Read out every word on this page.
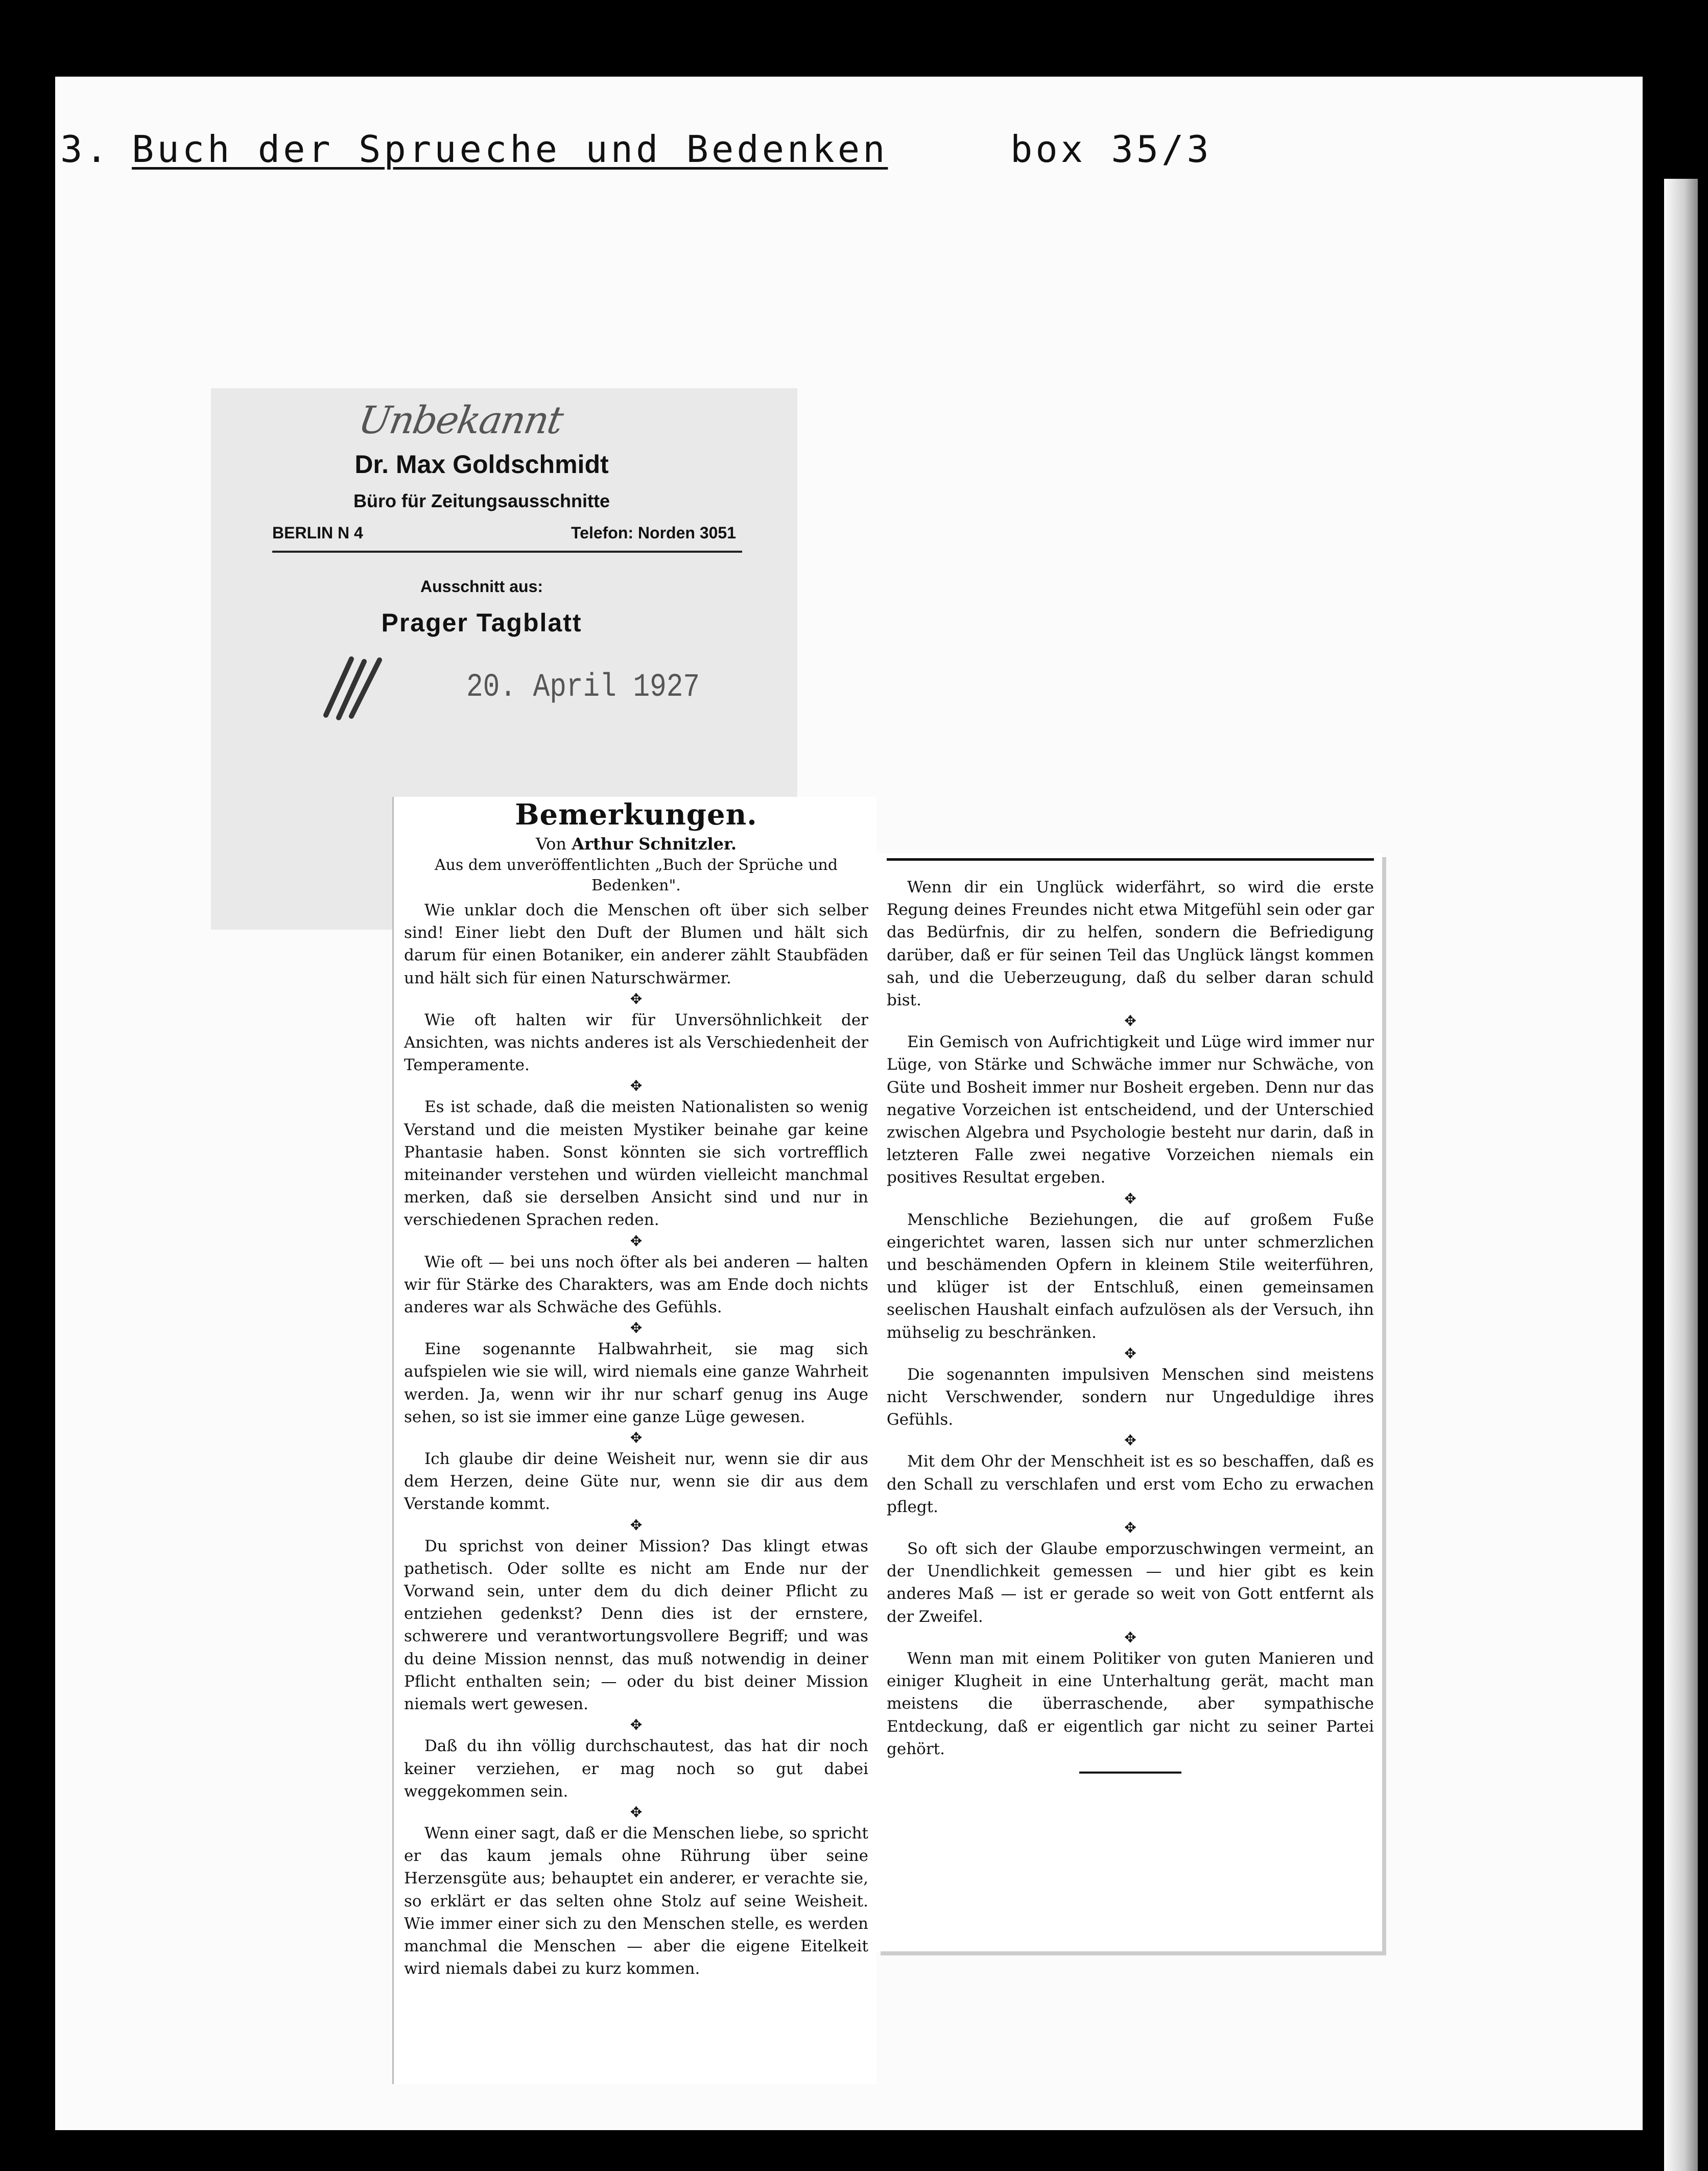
3. Buch der Sprueche und Bedenken	box 35/3
Unbekannt
Dr. Max Goldschmidt
Büro für Zeitungsausschnitte
BERLIN N 4	Telefon: Norden 3051
Ausschnitt aus:
Prager Tagblatt
20. April 1927
Bemerkungen.
Von Arthur Schnitzler.
Aus dem unveröffentlichten „Buch der Sprüche und Bedenken".

Wie unklar doch die Menschen oft über sich selber sind! Einer liebt den Duft der Blumen und hält sich darum für einen Botaniker, ein anderer zählt Staubfäden und hält sich für einen Naturschwärmer.

✥

Wie oft halten wir für Unversöhnlichkeit der Ansichten, was nichts anderes ist als Verschiedenheit der Temperamente.

✥

Es ist schade, daß die meisten Nationalisten so wenig Verstand und die meisten Mystiker beinahe gar keine Phantasie haben. Sonst könnten sie sich vortrefflich miteinander verstehen und würden vielleicht manchmal merken, daß sie derselben Ansicht sind und nur in verschiedenen Sprachen reden.

✥

Wie oft — bei uns noch öfter als bei anderen — halten wir für Stärke des Charakters, was am Ende doch nichts anderes war als Schwäche des Gefühls.

✥

Eine sogenannte Halbwahrheit, sie mag sich aufspielen wie sie will, wird niemals eine ganze Wahrheit werden. Ja, wenn wir ihr nur scharf genug ins Auge sehen, so ist sie immer eine ganze Lüge gewesen.

✥

Ich glaube dir deine Weisheit nur, wenn sie dir aus dem Herzen, deine Güte nur, wenn sie dir aus dem Verstande kommt.

✥

Du sprichst von deiner Mission? Das klingt etwas pathetisch. Oder sollte es nicht am Ende nur der Vorwand sein, unter dem du dich deiner Pflicht zu entziehen gedenkst? Denn dies ist der ernstere, schwerere und verantwortungsvollere Begriff; und was du deine Mission nennst, das muß notwendig in deiner Pflicht enthalten sein; — oder du bist deiner Mission niemals wert gewesen.

✥

Daß du ihn völlig durchschautest, das hat dir noch keiner verziehen, er mag noch so gut dabei weggekommen sein.

✥

Wenn einer sagt, daß er die Menschen liebe, so spricht er das kaum jemals ohne Rührung über seine Herzensgüte aus; behauptet ein anderer, er verachte sie, so erklärt er das selten ohne Stolz auf seine Weisheit. Wie immer einer sich zu den Menschen stelle, es werden manchmal die Menschen — aber die eigene Eitelkeit wird niemals dabei zu kurz kommen.

Wenn dir ein Unglück widerfährt, so wird die erste Regung deines Freundes nicht etwa Mitgefühl sein oder gar das Bedürfnis, dir zu helfen, sondern die Befriedigung darüber, daß er für seinen Teil das Unglück längst kommen sah, und die Ueberzeugung, daß du selber daran schuld bist.

✥

Ein Gemisch von Aufrichtigkeit und Lüge wird immer nur Lüge, von Stärke und Schwäche immer nur Schwäche, von Güte und Bosheit immer nur Bosheit ergeben. Denn nur das negative Vorzeichen ist entscheidend, und der Unterschied zwischen Algebra und Psychologie besteht nur darin, daß in letzteren Falle zwei negative Vorzeichen niemals ein positives Resultat ergeben.

✥

Menschliche Beziehungen, die auf großem Fuße eingerichtet waren, lassen sich nur unter schmerzlichen und beschämenden Opfern in kleinem Stile weiterführen, und klüger ist der Entschluß, einen gemeinsamen seelischen Haushalt einfach aufzulösen als der Versuch, ihn mühselig zu beschränken.

✥

Die sogenannten impulsiven Menschen sind meistens nicht Verschwender, sondern nur Ungeduldige ihres Gefühls.

✥

Mit dem Ohr der Menschheit ist es so beschaffen, daß es den Schall zu verschlafen und erst vom Echo zu erwachen pflegt.

✥

So oft sich der Glaube emporzuschwingen vermeint, an der Unendlichkeit gemessen — und hier gibt es kein anderes Maß — ist er gerade so weit von Gott entfernt als der Zweifel.

✥

Wenn man mit einem Politiker von guten Manieren und einiger Klugheit in eine Unterhaltung gerät, macht man meistens die überraschende, aber sympathische Entdeckung, daß er eigentlich gar nicht zu seiner Partei gehört.
